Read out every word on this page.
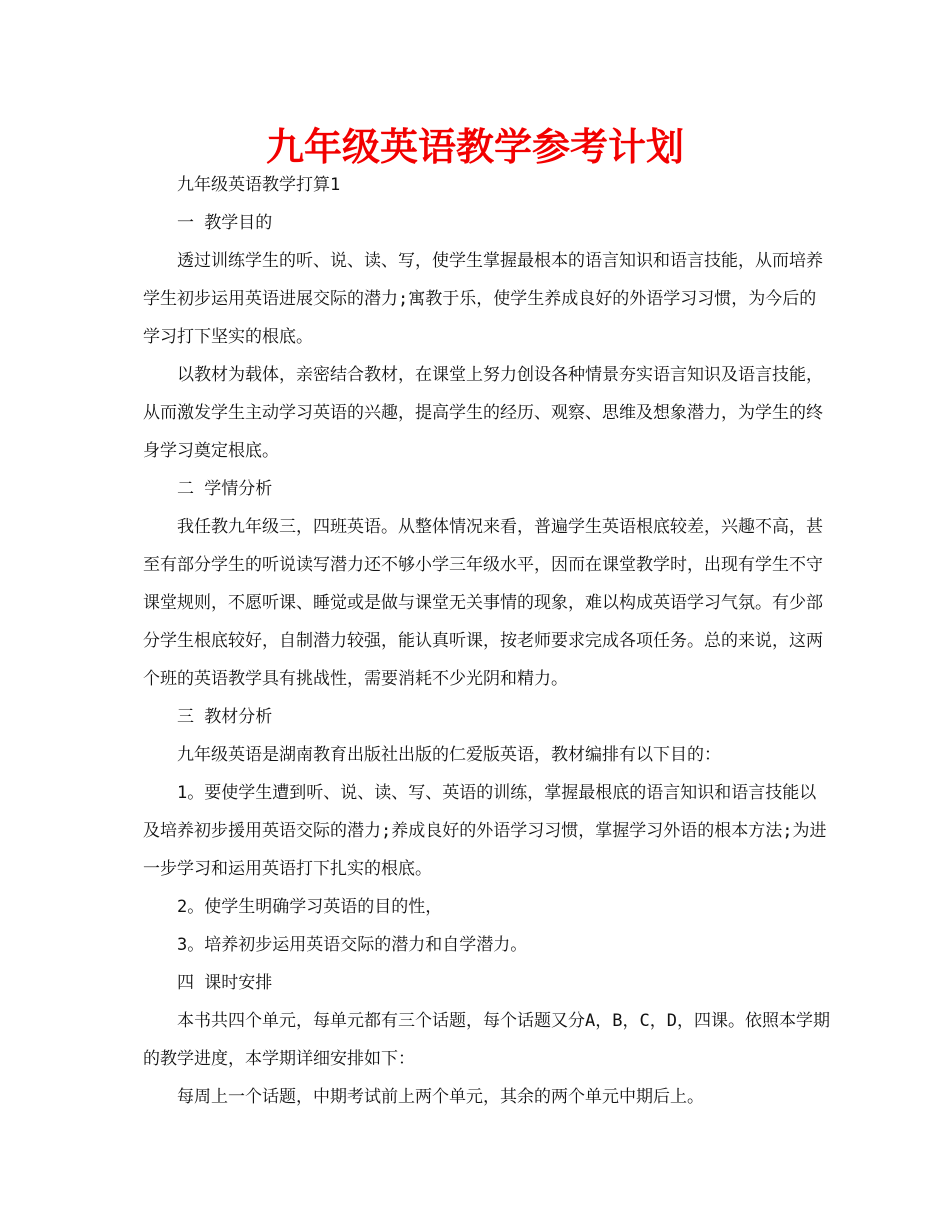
九年级英语教学参考计划

九年级英语教学打算1

一 教学目的

透过训练学生的听、说、读、写，使学生掌握最根本的语言知识和语言技能，从而培养学生初步运用英语进展交际的潜力;寓教于乐，使学生养成良好的外语学习习惯，为今后的学习打下坚实的根底。

以教材为载体，亲密结合教材，在课堂上努力创设各种情景夯实语言知识及语言技能，从而激发学生主动学习英语的兴趣，提高学生的经历、观察、思维及想象潜力，为学生的终身学习奠定根底。

二 学情分析

我任教九年级三，四班英语。从整体情况来看，普遍学生英语根底较差，兴趣不高，甚至有部分学生的听说读写潜力还不够小学三年级水平，因而在课堂教学时，出现有学生不守课堂规则，不愿听课、睡觉或是做与课堂无关事情的现象，难以构成英语学习气氛。有少部分学生根底较好，自制潜力较强，能认真听课，按老师要求完成各项任务。总的来说，这两个班的英语教学具有挑战性，需要消耗不少光阴和精力。

三 教材分析

九年级英语是湖南教育出版社出版的仁爱版英语，教材编排有以下目的：

1。要使学生遭到听、说、读、写、英语的训练，掌握最根底的语言知识和语言技能以及培养初步援用英语交际的潜力;养成良好的外语学习习惯，掌握学习外语的根本方法;为进一步学习和运用英语打下扎实的根底。

2。使学生明确学习英语的目的性，

3。培养初步运用英语交际的潜力和自学潜力。

四 课时安排

本书共四个单元，每单元都有三个话题，每个话题又分A，B，C，D，四课。依照本学期的教学进度，本学期详细安排如下：

每周上一个话题，中期考试前上两个单元，其余的两个单元中期后上。
